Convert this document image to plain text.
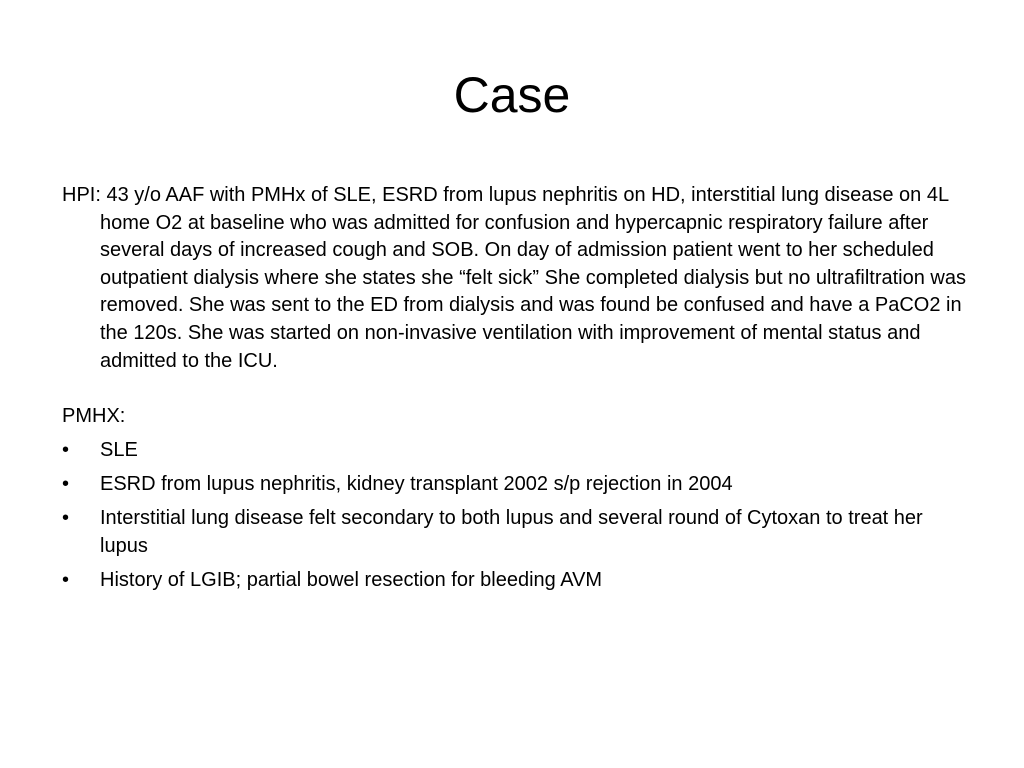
Case

HPI: 43 y/o AAF with PMHx of SLE, ESRD from lupus nephritis on HD, interstitial lung disease on 4L home O2 at baseline who was admitted for confusion and hypercapnic respiratory failure after several days of increased cough and SOB. On day of admission patient went to her scheduled outpatient dialysis where she states she “felt sick” She completed dialysis but no ultrafiltration was removed. She was sent to the ED from dialysis and was found be confused and have a PaCO2 in the 120s. She was started on non-invasive ventilation with improvement of mental status and admitted to the ICU.

PMHX:

•	SLE
•	ESRD from lupus nephritis, kidney transplant 2002 s/p rejection in 2004
•	Interstitial lung disease felt secondary to both lupus and several round of Cytoxan to treat her lupus
•	History of LGIB; partial bowel resection for bleeding AVM
